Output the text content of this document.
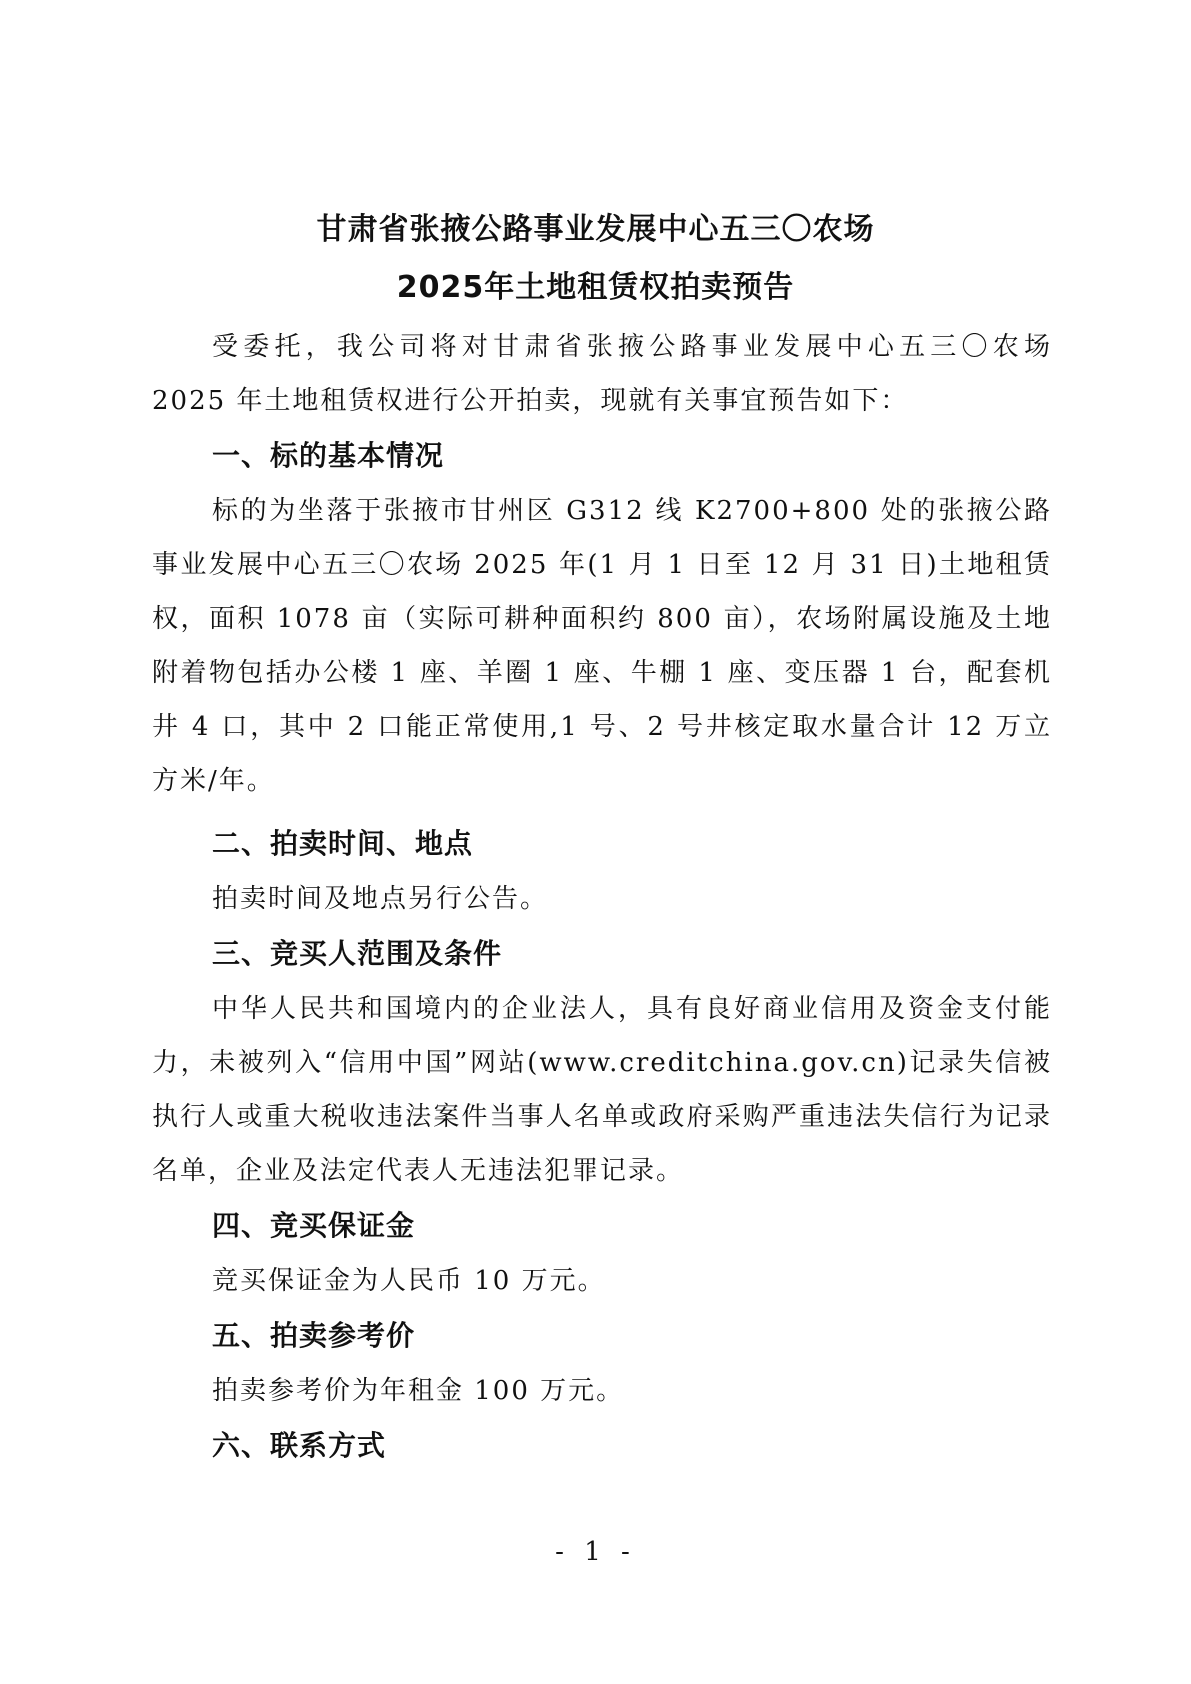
甘肃省张掖公路事业发展中心五三〇农场
2025年土地租赁权拍卖预告

受委托，我公司将对甘肃省张掖公路事业发展中心五三〇农场 2025 年土地租赁权进行公开拍卖，现就有关事宜预告如下：

一、标的基本情况

标的为坐落于张掖市甘州区 G312 线 K2700+800 处的张掖公路事业发展中心五三〇农场 2025 年(1 月 1 日至 12 月 31 日)土地租赁权，面积 1078 亩（实际可耕种面积约 800 亩），农场附属设施及土地附着物包括办公楼 1 座、羊圈 1 座、牛棚 1 座、变压器 1 台，配套机井 4 口，其中 2 口能正常使用,1 号、2 号井核定取水量合计 12 万立方米/年。

二、拍卖时间、地点

拍卖时间及地点另行公告。

三、竞买人范围及条件

中华人民共和国境内的企业法人，具有良好商业信用及资金支付能力，未被列入“信用中国”网站(www.creditchina.gov.cn)记录失信被执行人或重大税收违法案件当事人名单或政府采购严重违法失信行为记录名单，企业及法定代表人无违法犯罪记录。

四、竞买保证金

竞买保证金为人民币 10 万元。

五、拍卖参考价

拍卖参考价为年租金 100 万元。

六、联系方式
- 1 -
